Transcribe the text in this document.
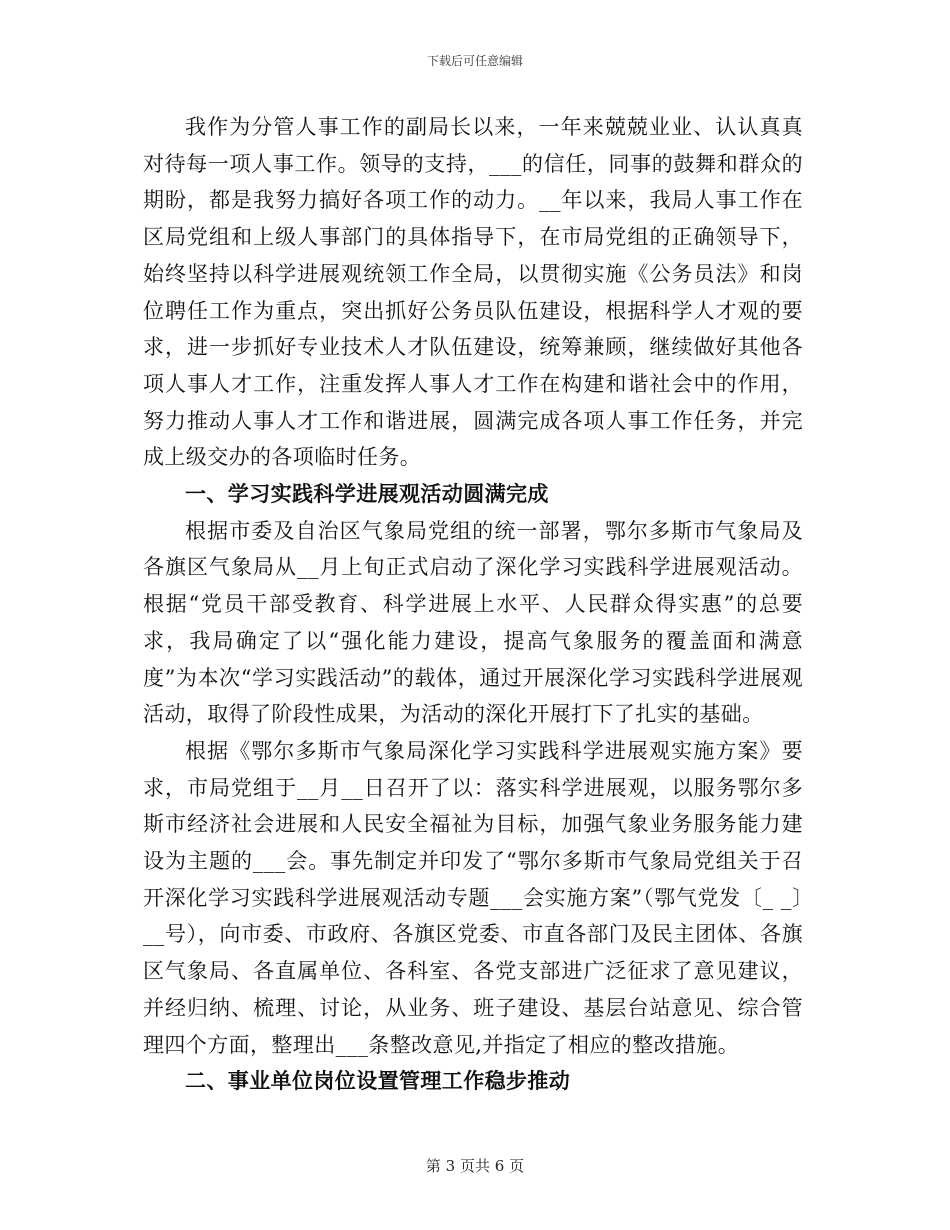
下载后可任意编辑

我作为分管人事工作的副局长以来，一年来兢兢业业、认认真真对待每一项人事工作。领导的支持，___的信任，同事的鼓舞和群众的期盼，都是我努力搞好各项工作的动力。__年以来，我局人事工作在区局党组和上级人事部门的具体指导下，在市局党组的正确领导下，始终坚持以科学进展观统领工作全局，以贯彻实施《公务员法》和岗位聘任工作为重点，突出抓好公务员队伍建设，根据科学人才观的要求，进一步抓好专业技术人才队伍建设，统筹兼顾，继续做好其他各项人事人才工作，注重发挥人事人才工作在构建和谐社会中的作用，努力推动人事人才工作和谐进展，圆满完成各项人事工作任务，并完成上级交办的各项临时任务。

一、学习实践科学进展观活动圆满完成

根据市委及自治区气象局党组的统一部署，鄂尔多斯市气象局及各旗区气象局从__月上旬正式启动了深化学习实践科学进展观活动。根据“党员干部受教育、科学进展上水平、人民群众得实惠”的总要求，我局确定了以“强化能力建设，提高气象服务的覆盖面和满意度”为本次“学习实践活动”的载体，通过开展深化学习实践科学进展观活动，取得了阶段性成果，为活动的深化开展打下了扎实的基础。

根据《鄂尔多斯市气象局深化学习实践科学进展观实施方案》要求，市局党组于__月__日召开了以：落实科学进展观，以服务鄂尔多斯市经济社会进展和人民安全福祉为目标，加强气象业务服务能力建设为主题的___会。事先制定并印发了“鄂尔多斯市气象局党组关于召开深化学习实践科学进展观活动专题___会实施方案”（鄂气党发〔_ _〕__号），向市委、市政府、各旗区党委、市直各部门及民主团体、各旗区气象局、各直属单位、各科室、各党支部进广泛征求了意见建议，并经归纳、梳理、讨论，从业务、班子建设、基层台站意见、综合管理四个方面，整理出___条整改意见,并指定了相应的整改措施。

二、事业单位岗位设置管理工作稳步推动

第 3 页共 6 页
